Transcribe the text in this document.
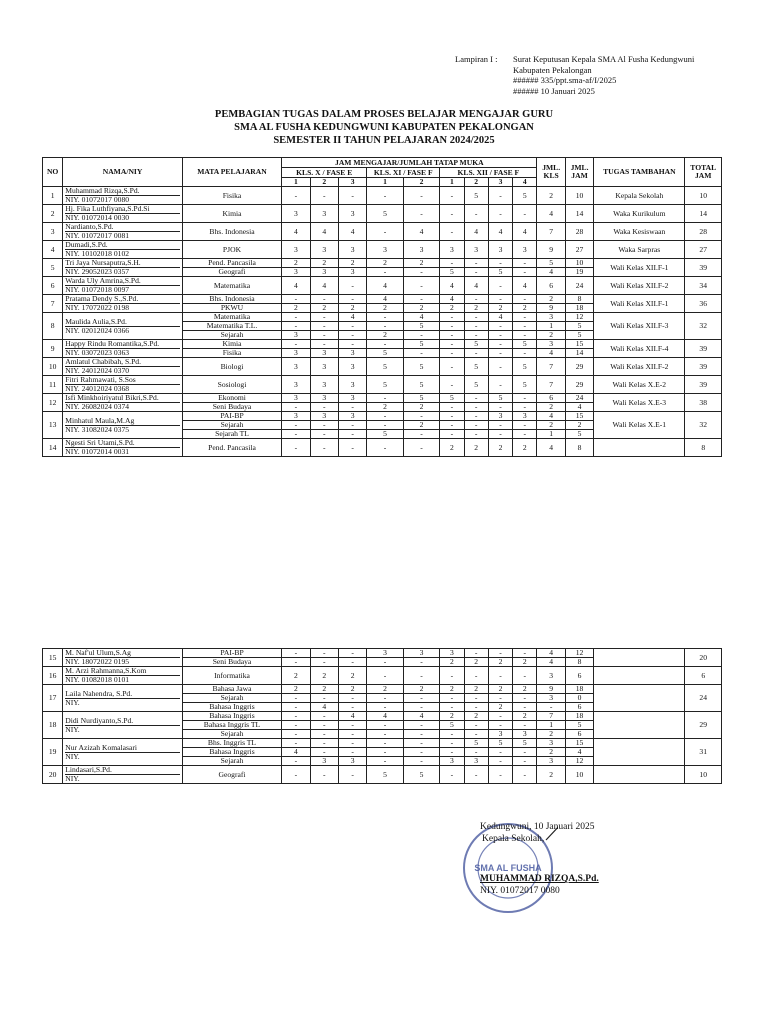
Lampiran I :	Surat Keputusan Kepala SMA Al Fusha Kedungwuni
Kabupaten Pekalongan
###### 335/ppt.sma-af/I/2025
###### 10 Januari 2025
PEMBAGIAN TUGAS DALAM PROSES BELAJAR MENGAJAR GURU
SMA AL FUSHA KEDUNGWUNI KABUPATEN PEKALONGAN
SEMESTER II TAHUN PELAJARAN 2024/2025
NO	NAMA/NIY	MATA PELAJARAN	JAM MENGAJAR/JUMLAH TATAP MUKA									JML. KLS	JML. JAM	TUGAS TAMBAHAN	TOTAL JAM
			KLS. X / FASE E			KLS. XI / FASE F		KLS. XII / FASE F							
			1	2	3	1	2	1	2	3	4				
1	Muhammad Rizqa,S.Pd.
NIY. 01072017 0080	Fisika	-	-	-	-	-	-	5	-	5	2	10	Kepala Sekolah	10
2	Hj. Fika Luthfiyana,S.Pd.Si
NIY. 01072014 0030	Kimia	3	3	3	5	-	-	-	-	-	4	14	Waka Kurikulum	14
3	Nardianto,S.Pd.
NIY. 01072017 0081	Bhs. Indonesia	4	4	4	-	4	-	4	4	4	7	28	Waka Kesiswaan	28
4	Dumadi,S.Pd.
NIY. 10102018 0102	PJOK	3	3	3	3	3	3	3	3	3	9	27	Waka Sarpras	27
5	Tri Jaya Nursaputra,S.H.
NIY. 29052023 0357	Pend. Pancasila	2	2	2	2	2	-	-	-	-	5	10	Wali Kelas XII.F-1	39
		Geografi	3	3	3	-	-	5	-	5	-	4	19		
6	Warda Uly Amrina,S.Pd.
NIY. 01072018 0097	Matematika	4	4	-	4	-	4	4	-	4	6	24	Wali Kelas XII.F-2	34
7	Pratama Dendy S.,S.Pd.
NIY. 17072022 0198	Bhs. Indonesia	-	-	-	4	-	4	-	-	-	2	8	Wali Kelas XII.F-1	36
		PKWU	2	2	2	2	2	2	2	2	2	9	18		
8	Maulida Aulia,S.Pd.
NIY. 02012024 0366	Matematika	-	-	4	-	4	-	-	4	-	3	12	Wali Kelas XII.F-3	32
		Matematika T.L.	-	-	-	-	5	-	-	-	-	1	5		
		Sejarah	3	-	-	2	-	-	-	-	-	2	5		
9	Happy Rindu Romantika,S.Pd.
NIY. 03072023 0363	Kimia	-	-	-	-	5	-	5	-	5	3	15	Wali Kelas XII.F-4	39
		Fisika	3	3	3	5	-	-	-	-	-	4	14		
10	Amlatul Chabibah, S.Pd.
NIY. 24012024 0370	Biologi	3	3	3	5	5	-	5	-	5	7	29	Wali Kelas XII.F-2	39
11	Fitri Rahmawati, S.Sos
NIY. 24012024 0368	Sosiologi	3	3	3	5	5	-	5	-	5	7	29	Wali Kelas X.E-2	39
12	Isfi Minkhoiriyatul Bikri,S.Pd.
NIY. 26082024 0374	Ekonomi	3	3	3	-	5	5	-	5	-	6	24	Wali Kelas X.E-3	38
		Seni Budaya	-	-	-	2	2	-	-	-	-	2	4		
13	Minhatul Maula,M.Ag
NIY. 31082024 0375	PAI-BP	3	3	3	-	-	-	-	3	3	4	15	Wali Kelas X.E-1	32
		Sejarah	-	-	-	-	2	-	-	-	-	2	2		
		Sejarah TL	-	-	-	5	-	-	-	-	-	1	5		
14	Ngesti Sri Utami,S.Pd.
NIY. 01072014 0031	Pend. Pancasila	-	-	-	-	-	2	2	2	2	4	8		8
15	M. Naf'ul Ulum,S.Ag
NIY. 18072022 0195	PAI-BP	-	-	-	3	3	3	-	-	-	4	12		20
		Seni Budaya	-	-	-	-	-	2	2	2	2	4	8		
16	M. Arzi Rahmanna,S.Kom
NIY. 01082018 0101	Informatika	2	2	2	-	-	-	-	-	-	3	6		6
17	Laila Nahendra, S.Pd.
NIY.	Bahasa Jawa	2	2	2	2	2	2	2	2	2	9	18		24
		Sejarah	-	-	-	-	-	-	-	-	-	3	0		
		Bahasa Inggris	-	4	-	-	-	-	-	2	-	-	6		
18	Didi Nurdiyanto,S.Pd.
NIY.	Bahasa Inggris	-	-	4	4	4	2	2	-	2	7	18		29
		Bahasa Inggris TL	-	-	-	-	-	5	-	-	-	1	5		
		Sejarah	-	-	-	-	-	-	-	3	3	2	6		
19	Nur Azizah Komalasari
NIY.	Bhs. Inggris TL	-	-	-	-	-	-	5	5	5	3	15		31
		Bahasa Inggris	4	-	-	-	-	-	-	-	-	2	4		
		Sejarah	-	3	3	-	-	3	3	-	-	3	12		
20	Lindasari,S.Pd.
NIY.	Geografi	-	-	-	5	5	-	-	-	-	2	10		10
SMA AL FUSHA
Kedungwuni, 10 Januari 2025
Kepala Sekolah,
MUHAMMAD RIZQA,S.Pd.
NIY. 01072017 0080
